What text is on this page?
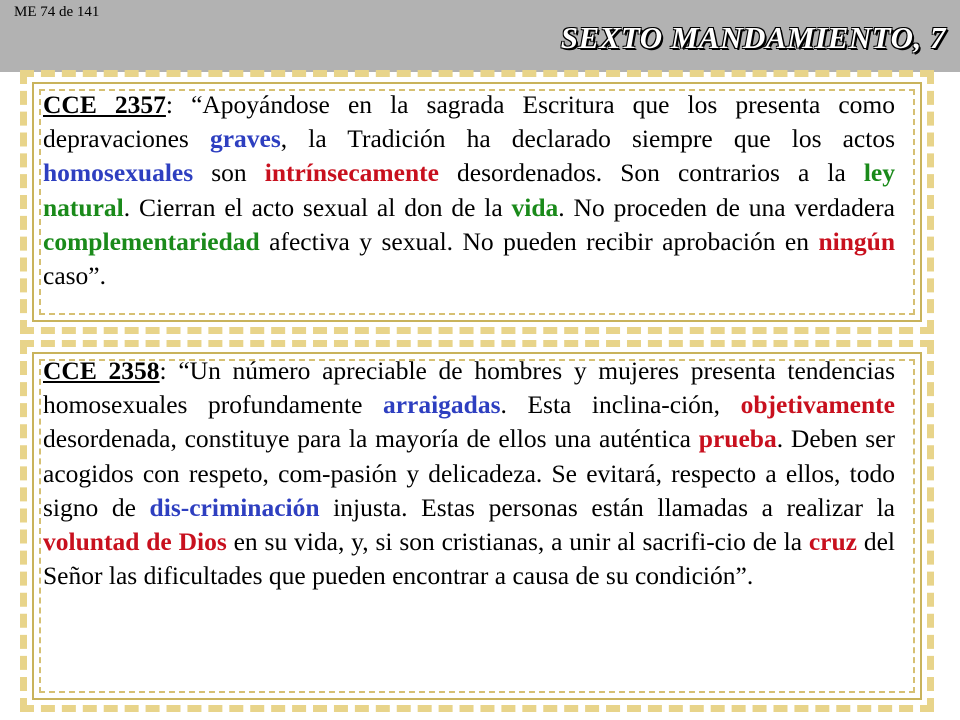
ME 74 de 141
SEXTO MANDAMIENTO, 7

CCE 2357: “Apoyándose en la sagrada Escritura que los presenta como depravaciones graves, la Tradición ha declarado siempre que los actos homosexuales son intrínsecamente desordenados. Son contrarios a la ley natural. Cierran el acto sexual al don de la vida. No proceden de una verdadera complementariedad afectiva y sexual. No pueden recibir aprobación en ningún caso”.

CCE 2358: “Un número apreciable de hombres y mujeres presenta tendencias homosexuales profundamente arraigadas. Esta inclina-ción, objetivamente desordenada, constituye para la mayoría de ellos una auténtica prueba. Deben ser acogidos con respeto, com-pasión y delicadeza. Se evitará, respecto a ellos, todo signo de dis-criminación injusta. Estas personas están llamadas a realizar la voluntad de Dios en su vida, y, si son cristianas, a unir al sacrifi-cio de la cruz del Señor las dificultades que pueden encontrar a causa de su condición”.
